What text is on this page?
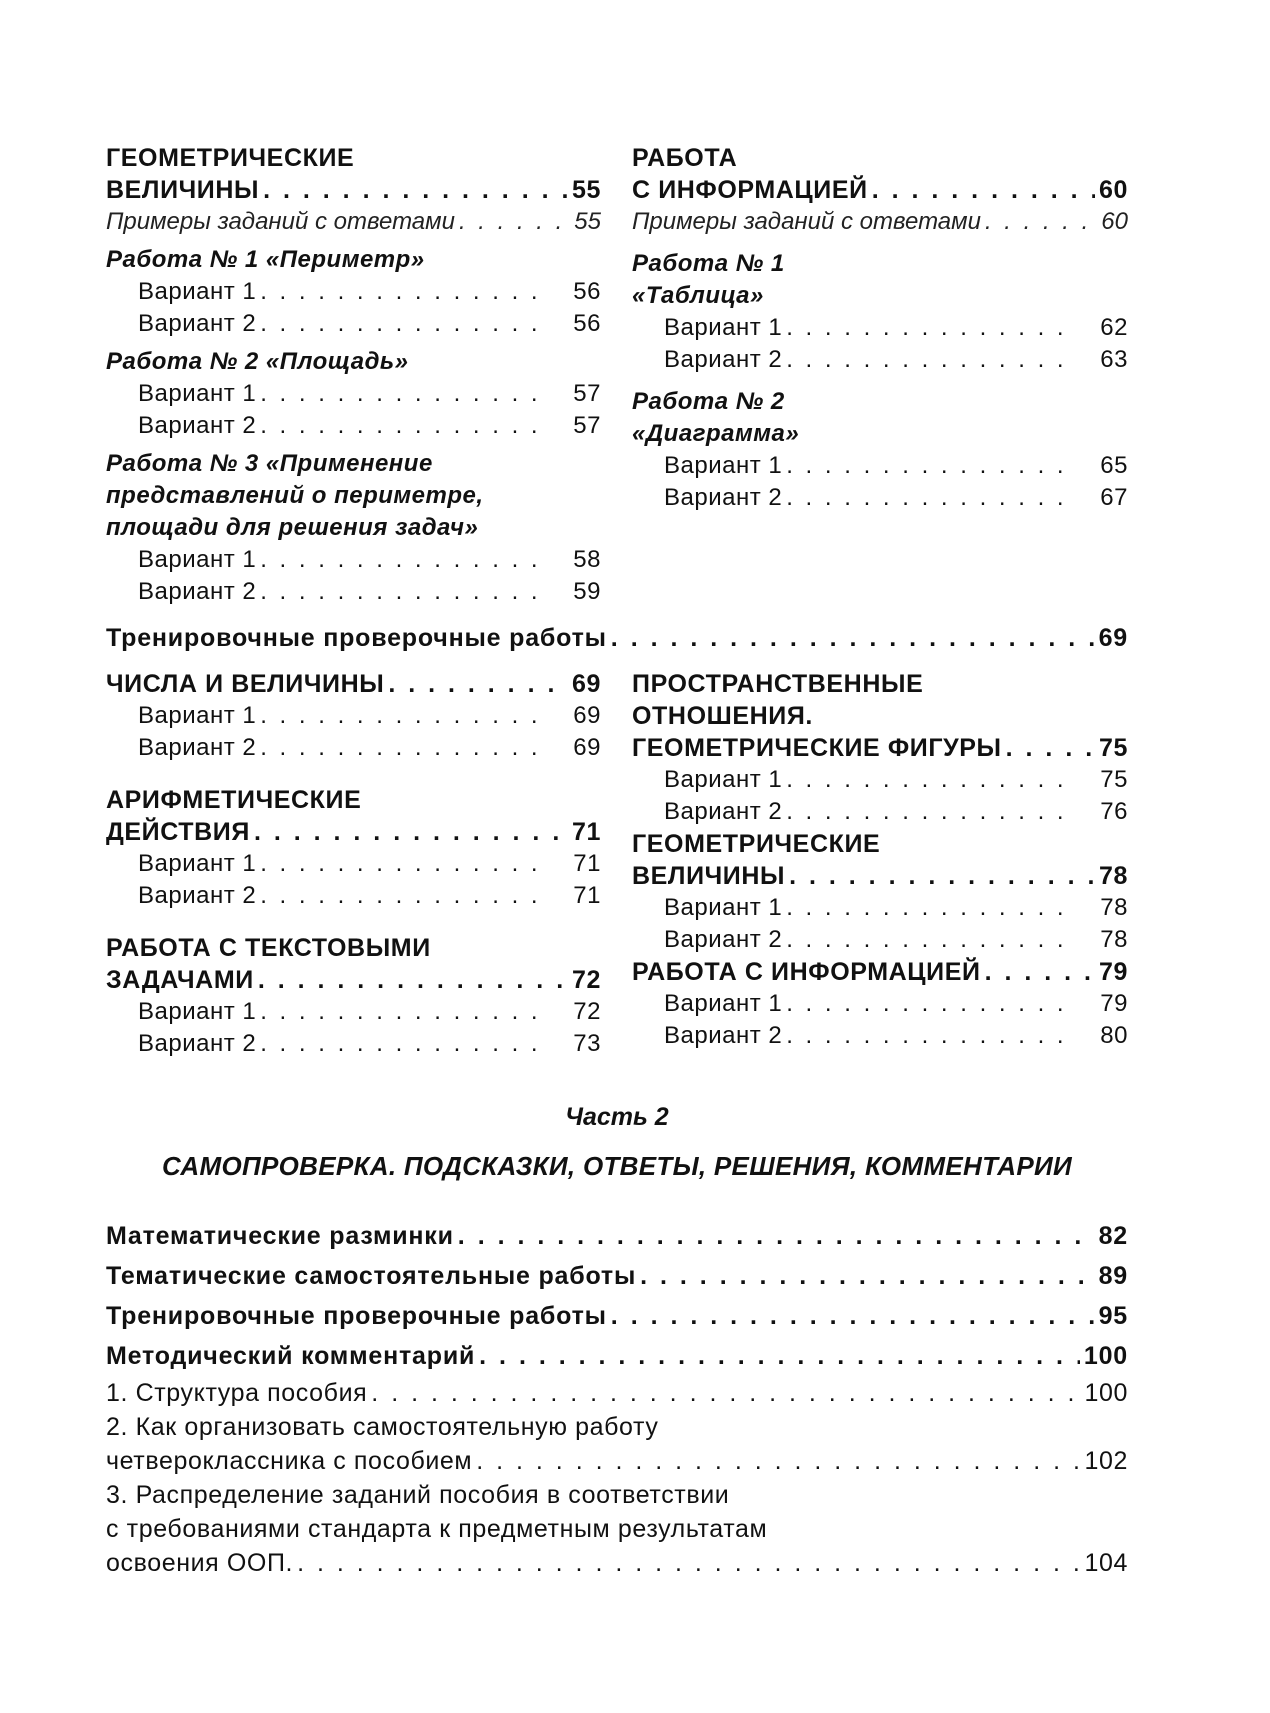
ГЕОМЕТРИЧЕСКИЕ
ВЕЛИЧИНЫ . . .	55
Примеры заданий с ответами . . .	55
Работа № 1 «Периметр»
Вариант 1 . . .	56
Вариант 2 . . .	56
Работа № 2 «Площадь»
Вариант 1 . . .	57
Вариант 2 . . .	57
Работа № 3 «Применение
представлений о периметре,
площади для решения задач»
Вариант 1 . . .	58
Вариант 2 . . .	59
РАБОТА
С ИНФОРМАЦИЕЙ . . .	60
Примеры заданий с ответами . . .	60
Работа № 1
«Таблица»
Вариант 1 . . .	62
Вариант 2 . . .	63
Работа № 2
«Диаграмма»
Вариант 1 . . .	65
Вариант 2 . . .	67
Тренировочные проверочные работы . . .	69
ЧИСЛА И ВЕЛИЧИНЫ . . .	69
Вариант 1 . . .	69
Вариант 2 . . .	69
АРИФМЕТИЧЕСКИЕ
ДЕЙСТВИЯ . . .	71
Вариант 1 . . .	71
Вариант 2 . . .	71
РАБОТА С ТЕКСТОВЫМИ
ЗАДАЧАМИ . . .	72
Вариант 1 . . .	72
Вариант 2 . . .	73
ПРОСТРАНСТВЕННЫЕ
ОТНОШЕНИЯ.
ГЕОМЕТРИЧЕСКИЕ ФИГУРЫ . . .	75
Вариант 1 . . .	75
Вариант 2 . . .	76
ГЕОМЕТРИЧЕСКИЕ
ВЕЛИЧИНЫ . . .	78
Вариант 1 . . .	78
Вариант 2 . . .	78
РАБОТА С ИНФОРМАЦИЕЙ . . .	79
Вариант 1 . . .	79
Вариант 2 . . .	80
Часть 2
САМОПРОВЕРКА. ПОДСКАЗКИ, ОТВЕТЫ, РЕШЕНИЯ, КОММЕНТАРИИ
Математические разминки . . .	82
Тематические самостоятельные работы . . .	89
Тренировочные проверочные работы . . .	95
Методический комментарий . . .	100
1. Структура пособия . . .	100
2. Как организовать самостоятельную работу
четвероклассника с пособием . . .	102
3. Распределение заданий пособия в соответствии
с требованиями стандарта к предметным результатам
освоения ООП. . . .	104
